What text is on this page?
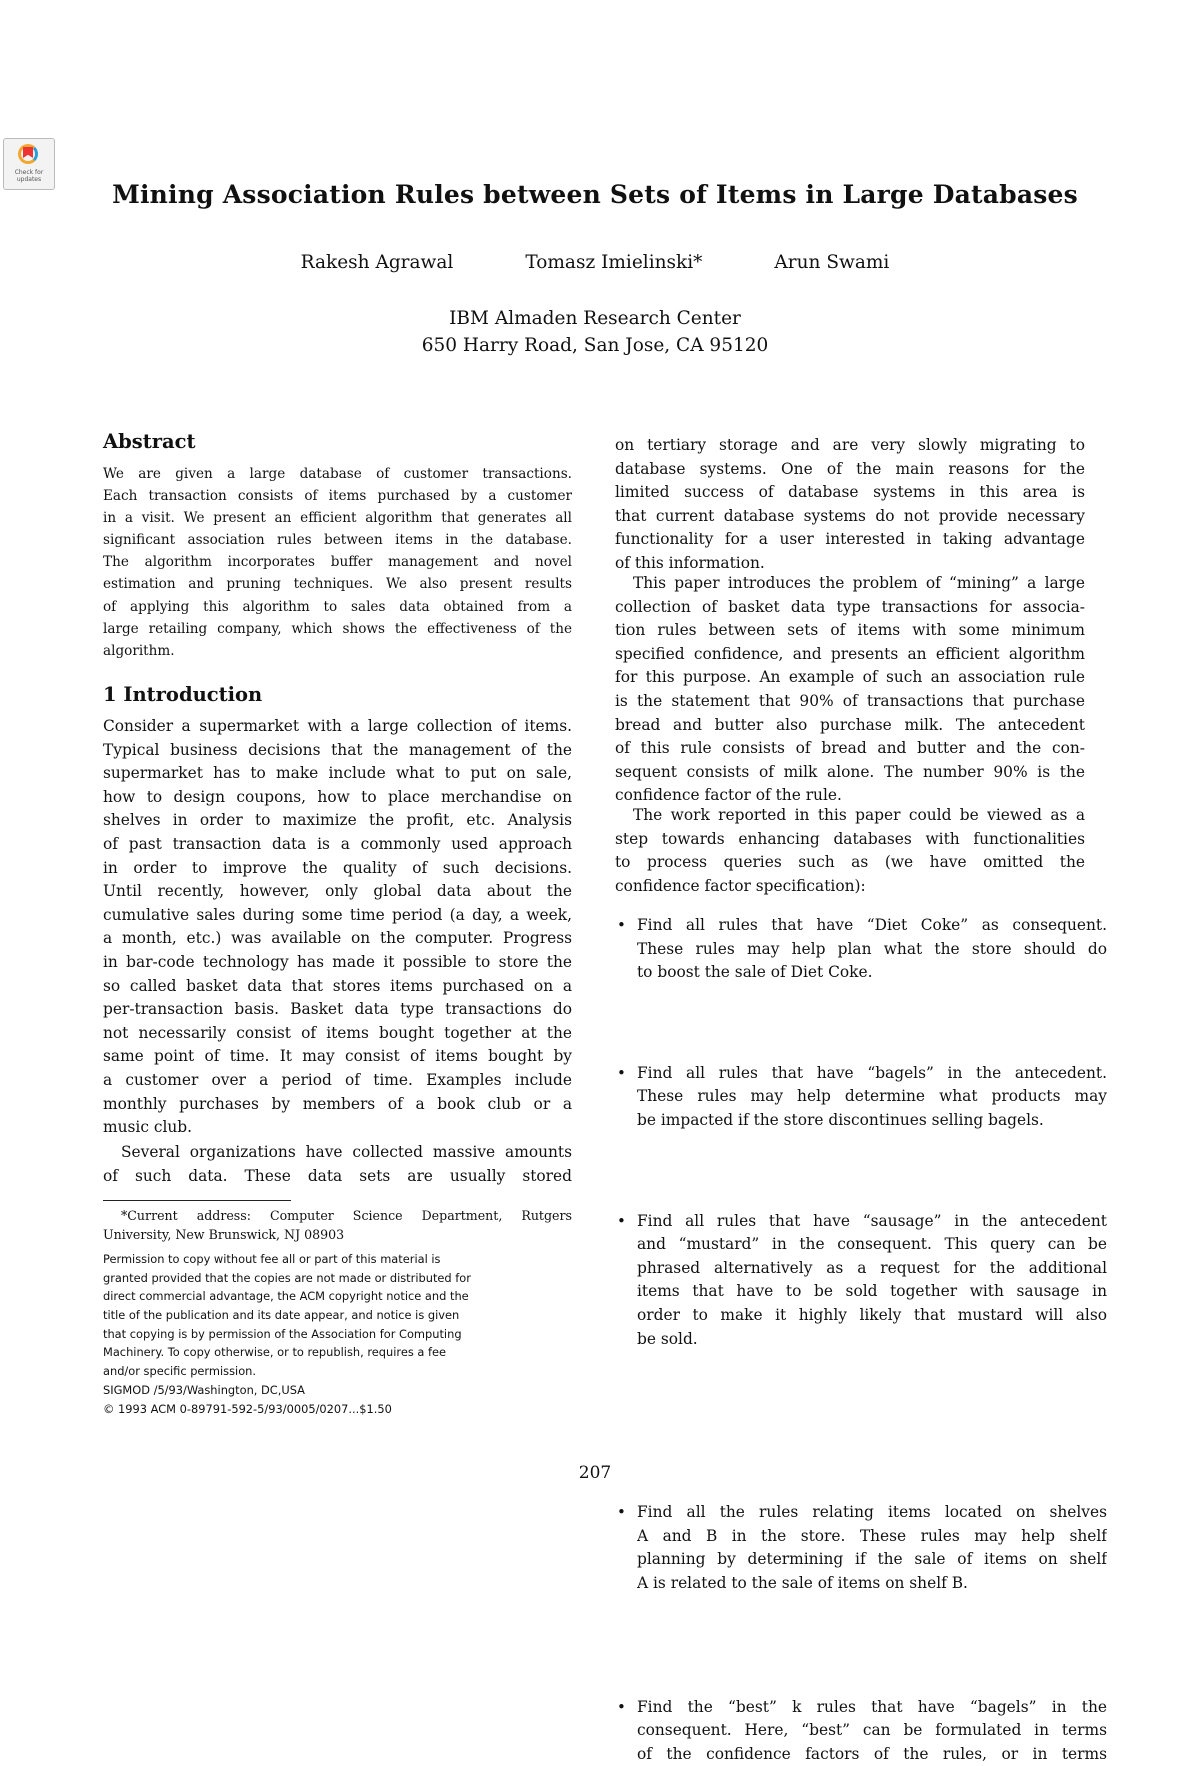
Check for updates
Mining Association Rules between Sets of Items in Large Databases
Rakesh Agrawal	Tomasz Imielinski*	Arun Swami
IBM Almaden Research Center
650 Harry Road, San Jose, CA 95120
Abstract
We are given a large database of customer transactions.
Each transaction consists of items purchased by a customer
in a visit. We present an efficient algorithm that generates all
significant association rules between items in the database.
The algorithm incorporates buffer management and novel
estimation and pruning techniques. We also present results
of applying this algorithm to sales data obtained from a
large retailing company, which shows the effectiveness of the
algorithm.
1 Introduction
Consider a supermarket with a large collection of items.
Typical business decisions that the management of the
supermarket has to make include what to put on sale,
how to design coupons, how to place merchandise on
shelves in order to maximize the profit, etc. Analysis
of past transaction data is a commonly used approach
in order to improve the quality of such decisions.
Until recently, however, only global data about the
cumulative sales during some time period (a day, a week,
a month, etc.) was available on the computer. Progress
in bar-code technology has made it possible to store the
so called basket data that stores items purchased on a
per-transaction basis. Basket data type transactions do
not necessarily consist of items bought together at the
same point of time. It may consist of items bought by
a customer over a period of time. Examples include
monthly purchases by members of a book club or a
music club.
Several organizations have collected massive amounts
of such data. These data sets are usually stored
*Current address: Computer Science Department, Rutgers
University, New Brunswick, NJ 08903
Permission to copy without fee all or part of this material is
granted provided that the copies are not made or distributed for
direct commercial advantage, the ACM copyright notice and the
title of the publication and its date appear, and notice is given
that copying is by permission of the Association for Computing
Machinery. To copy otherwise, or to republish, requires a fee
and/or specific permission.
SIGMOD /5/93/Washington, DC,USA
© 1993 ACM 0-89791-592-5/93/0005/0207...$1.50
on tertiary storage and are very slowly migrating to
database systems. One of the main reasons for the
limited success of database systems in this area is
that current database systems do not provide necessary
functionality for a user interested in taking advantage
of this information.
This paper introduces the problem of “mining” a large
collection of basket data type transactions for associa-
tion rules between sets of items with some minimum
specified confidence, and presents an efficient algorithm
for this purpose. An example of such an association rule
is the statement that 90% of transactions that purchase
bread and butter also purchase milk. The antecedent
of this rule consists of bread and butter and the con-
sequent consists of milk alone. The number 90% is the
confidence factor of the rule.
The work reported in this paper could be viewed as a
step towards enhancing databases with functionalities
to process queries such as (we have omitted the
confidence factor specification):
• Find all rules that have “Diet Coke” as consequent.
These rules may help plan what the store should do
to boost the sale of Diet Coke.
• Find all rules that have “bagels” in the antecedent.
These rules may help determine what products may
be impacted if the store discontinues selling bagels.
• Find all rules that have “sausage” in the antecedent
and “mustard” in the consequent. This query can be
phrased alternatively as a request for the additional
items that have to be sold together with sausage in
order to make it highly likely that mustard will also
be sold.
• Find all the rules relating items located on shelves
A and B in the store. These rules may help shelf
planning by determining if the sale of items on shelf
A is related to the sale of items on shelf B.
• Find the “best” k rules that have “bagels” in the
consequent. Here, “best” can be formulated in terms
of the confidence factors of the rules, or in terms
207
